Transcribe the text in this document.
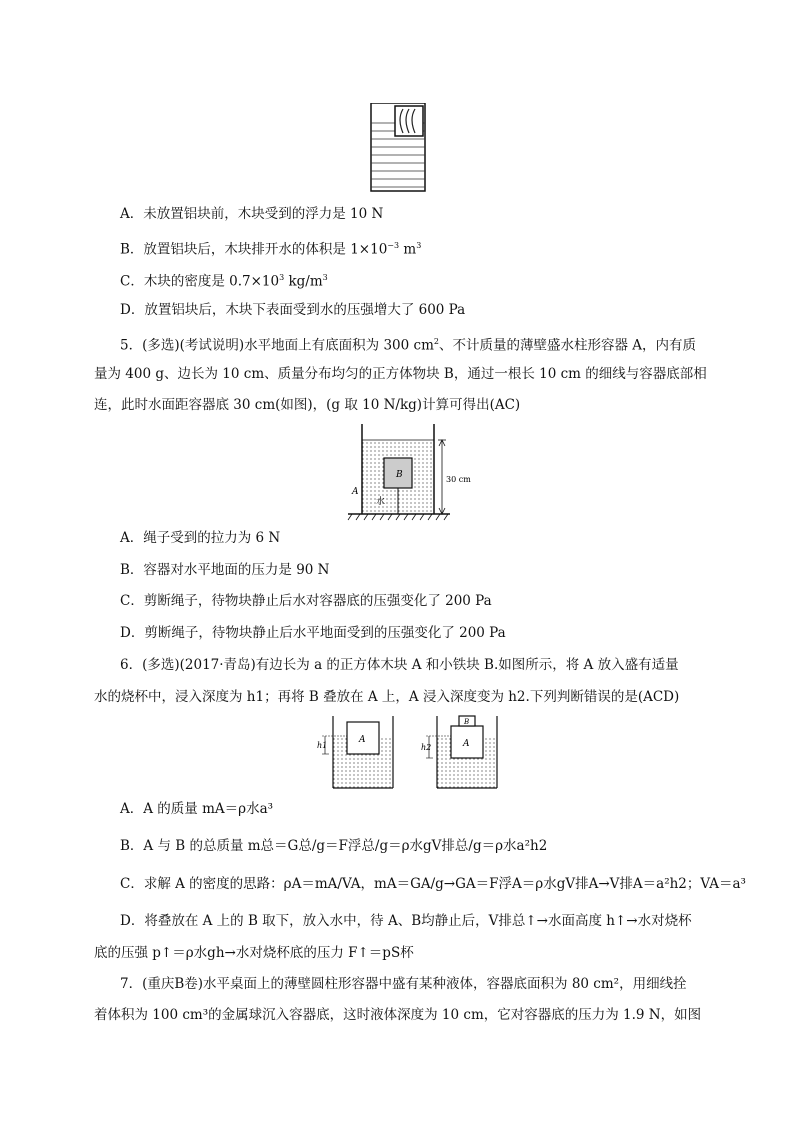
A．未放置铝块前，木块受到的浮力是 10 N
B．放置铝块后，木块排开水的体积是 $1\times 10^{-3}$ $m^3$
C．木块的密度是 $0.7\times 10^3$ $kg/m^3$
D．放置铝块后，木块下表面受到水的压强增大了 600 Pa
5．(多选)(考试说明)水平地面上有底面积为 300 $cm^2$、不计质量的薄壁盛水柱形容器 A，内有质
量为 400 g、边长为 10 cm、质量分布均匀的正方体物块 B，通过一根长 10 cm 的细线与容器底部相
连，此时水面距容器底 30 cm(如图)，(g 取 10 N/kg)计算可得出(AC)
B
A
水
30 cm
A．绳子受到的拉力为 6 N
B．容器对水平地面的压力是 90 N
C．剪断绳子，待物块静止后水对容器底的压强变化了 200 Pa
D．剪断绳子，待物块静止后水平地面受到的压强变化了 200 Pa
6．(多选)(2017·青岛)有边长为 a 的正方体木块 A 和小铁块 B.如图所示，将 A 放入盛有适量
水的烧杯中，浸入深度为 h1；再将 B 叠放在 A 上，A 浸入深度变为 h2.下列判断错误的是(ACD)
h1
A
h2
B
A
A．A 的质量 mA＝ρ水a³
B．A 与 B 的总质量 m总＝G总/g＝F浮总/g＝ρ水gV排总/g＝ρ水a²h2
C．求解 A 的密度的思路：ρA＝mA/VA，mA＝GA/g→GA＝F浮A＝ρ水gV排A→V排A＝a²h2；VA＝a³
D．将叠放在 A 上的 B 取下，放入水中，待 A、B均静止后，V排总↑→水面高度 h↑→水对烧杯
底的压强 p↑＝ρ水gh→水对烧杯底的压力 F↑＝pS杯
7．(重庆B卷)水平桌面上的薄壁圆柱形容器中盛有某种液体，容器底面积为 80 cm²，用细线拴
着体积为 100 cm³的金属球沉入容器底，这时液体深度为 10 cm，它对容器底的压力为 1.9 N，如图
